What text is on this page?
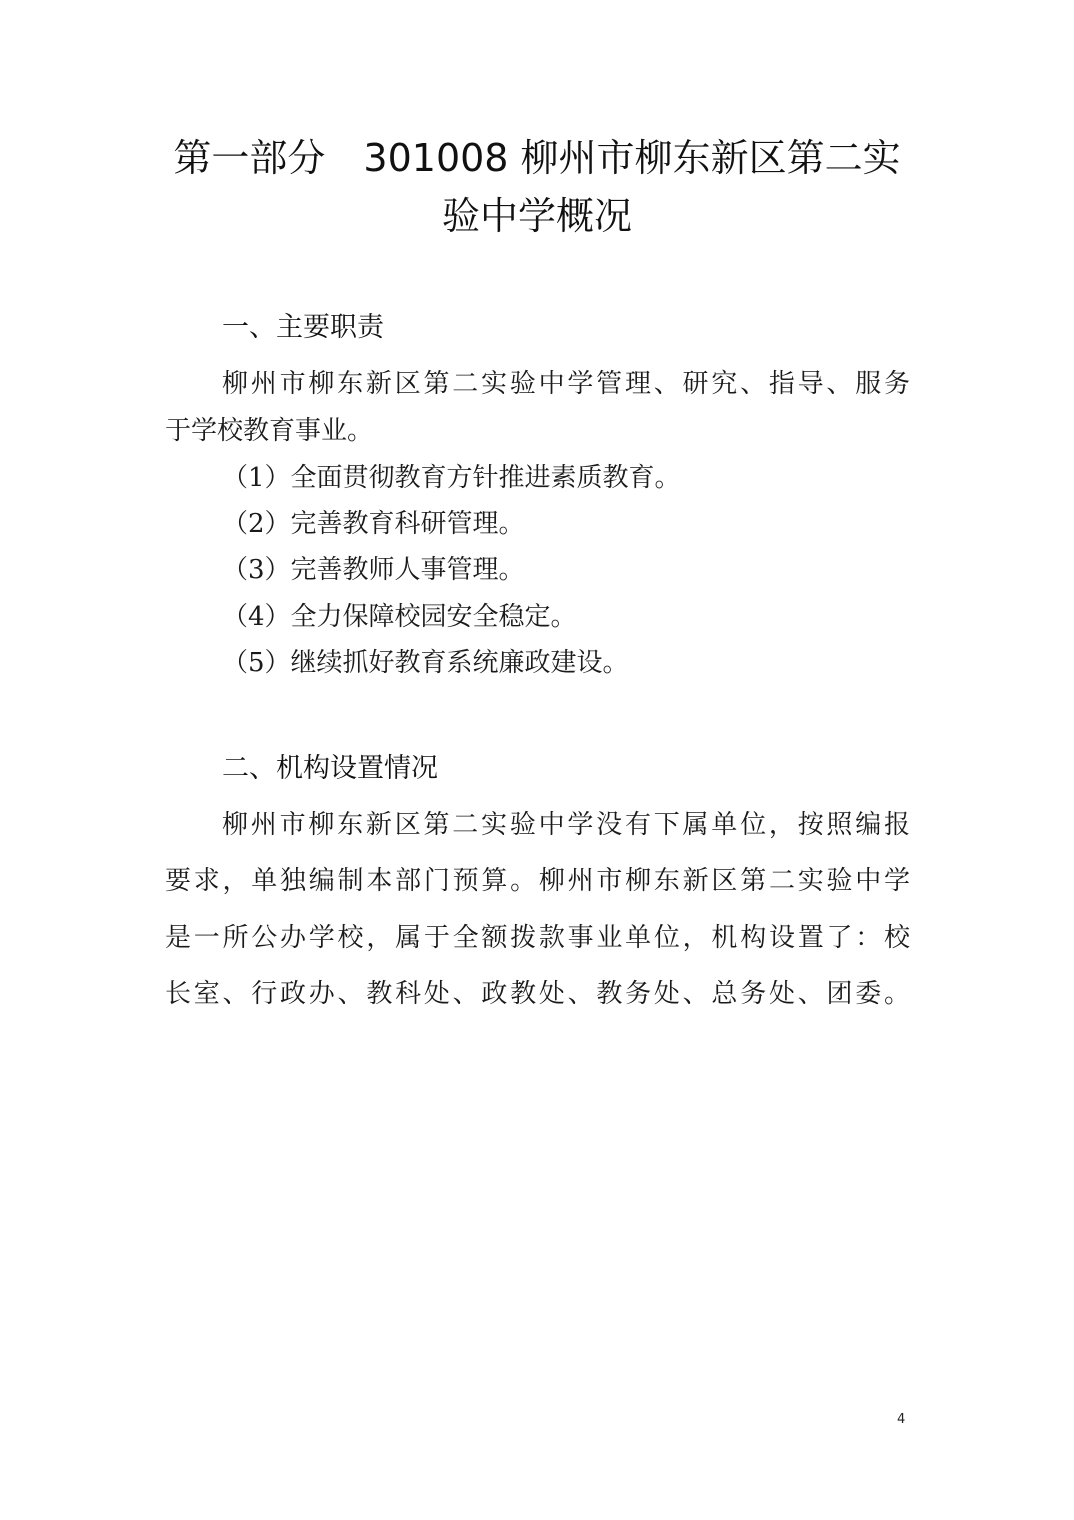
第一部分　301008 柳州市柳东新区第二实
验中学概况
一、主要职责
柳州市柳东新区第二实验中学管理、研究、指导、服务
于学校教育事业。
（1）全面贯彻教育方针推进素质教育。
（2）完善教育科研管理。
（3）完善教师人事管理。
（4）全力保障校园安全稳定。
（5）继续抓好教育系统廉政建设。
二、机构设置情况
柳州市柳东新区第二实验中学没有下属单位，按照编报
要求，单独编制本部门预算。柳州市柳东新区第二实验中学
是一所公办学校，属于全额拨款事业单位，机构设置了：校
长室、行政办、教科处、政教处、教务处、总务处、团委。
4
